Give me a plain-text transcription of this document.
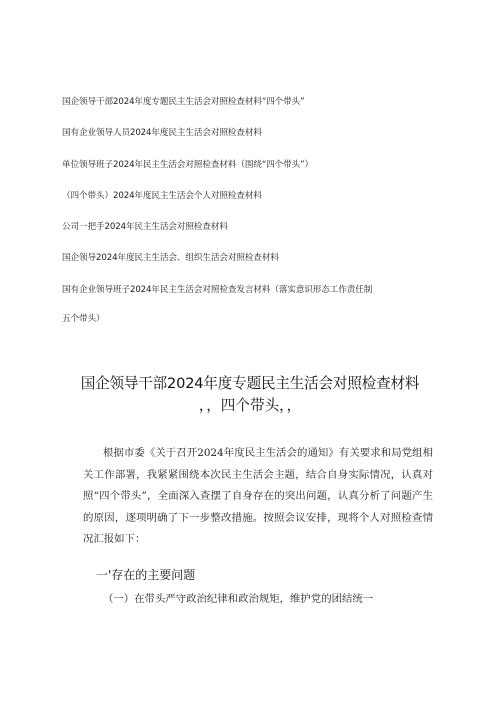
国企领导干部2024年度专题民主生活会对照检查材料“四个带头”
国有企业领导人员2024年度民主生活会对照检查材料
单位领导班子2024年民主生活会对照检查材料（围绕“四个带头”）
（四个带头）2024年度民主生活会个人对照检查材料
公司一把手2024年民主生活会对照检查材料
国企领导2024年度民主生活会、组织生活会对照检查材料
国有企业领导班子2024年民主生活会对照检查发言材料（落实意识形态工作责任制
五个带头）
国企领导干部2024年度专题民主生活会对照检查材料
，，四个带头，，

根据市委《关于召开2024年度民主生活会的通知》有关要求和局党组相关工作部署，我紧紧围绕本次民主生活会主题，结合自身实际情况，认真对照“四个带头”，全面深入查摆了自身存在的突出问题，认真分析了问题产生的原因，逐项明确了下一步整改措施。按照会议安排，现将个人对照检查情况汇报如下：

一'存在的主要问题
（一）在带头严守政治纪律和政治规矩，维护党的团结统一
